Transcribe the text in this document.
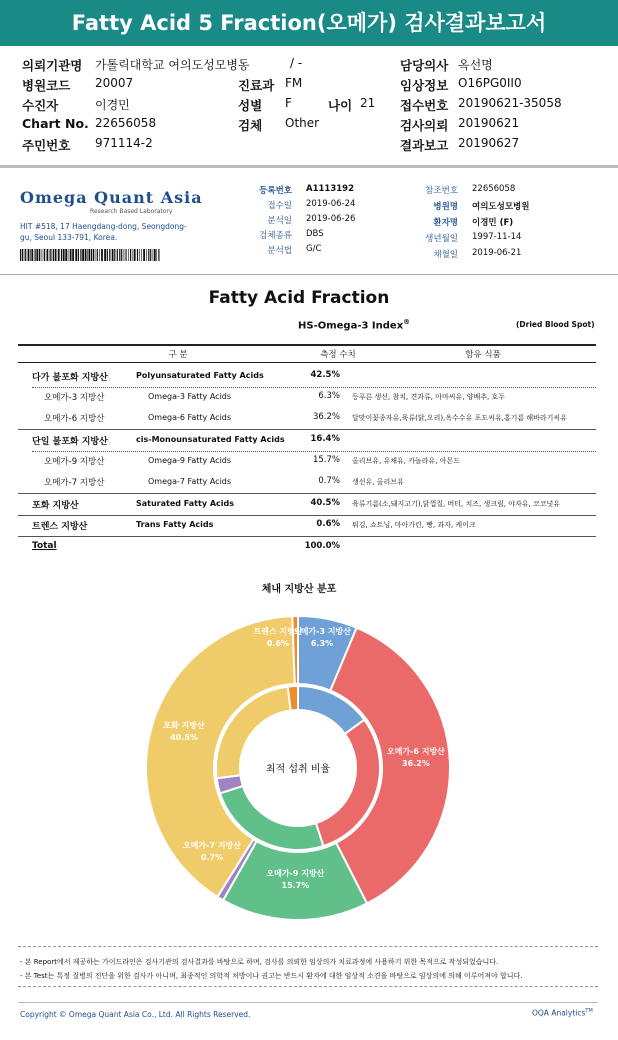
Fatty Acid 5 Fraction(오메가) 검사결과보고서
의뢰기관명 가톨릭대학교 여의도성모병동
병원코드 20007
수진자	이경민
Chart No. 22656058
주민번호 971114-2
/ -
진료과 FM
성별 F
검체 Other
나이 21
담당의사 옥선명
임상정보 O16PG0II0
접수번호 20190621-35058
검사의뢰 20190621
결과보고 20190627
Omega Quant Asia
Research Based Laboratory
HIT #518, 17 Haengdang-dong, Seongdong-gu, Seoul 133-791, Korea.
등록번호 A1113192
접수일 2019-06-24
분석일 2019-06-26
검체종류 DBS
분석법 G/C
참조번호 22656058
병원명 여의도성모병원
환자명 이경민 (F)
생년월일 1997-11-14
채혈일 2019-06-21
Fatty Acid Fraction
HS-Omega-3 Index®	(Dried Blood Spot)
구 분	측정 수치	함유 식품
다가 불포화 지방산	Polyunsaturated Fatty Acids	42.5%
오메가-3 지방산	Omega-3 Fatty Acids	6.3% 등푸른 생선, 참치, 견과류, 아마씨유, 양배추, 호두
오메가-6 지방산	Omega-6 Fatty Acids	36.2% 달맞이꽃종자유,육류(닭,오리),옥수수유 포도씨유,홍기름 해바라기씨유
단일 불포화 지방산	cis-Monounsaturated Fatty Acids	16.4%
오메가-9 지방산	Omega-9 Fatty Acids	15.7% 올리브유, 유채유, 카놀라유, 아몬드
오메가-7 지방산	Omega-7 Fatty Acids	0.7% 생선유, 올리브유
포화 지방산	Saturated Fatty Acids	40.5% 육류기름(소,돼지고기),닭껍질, 버터, 치즈, 생크림, 야자유, 코코넛유
트렌스 지방산	Trans Fatty Acids	0.6% 튀김, 쇼트닝, 마아가린, 빵, 과자, 케이크
Total	100.0%
체내 지방산 분포
최적 섭취 비율
오메가-3 지방산
6.3%
오메가-6 지방산
36.2%
오메가-9 지방산
15.7%
오메가-7 지방산
0.7%
포화 지방산
40.5%
트렌스 지방산
0.6%
- 본 Report에서 제공하는 가이드라인은 검사기관의 검사결과를 바탕으로 하며, 검사를 의뢰한 임상의가 치료과정에 사용하기 위한 목적으로 작성되었습니다.
- 본 Test는 특정 질병의 진단을 위한 검사가 아니며, 최종적인 의학적 처방이나 권고는 반드시 환자에 대한 임상적 소견을 바탕으로 임상의에 의해 이루어져야 합니다.
Copyright © Omega Quant Asia Co., Ltd. All Rights Reserved.	OQA Analytics™
